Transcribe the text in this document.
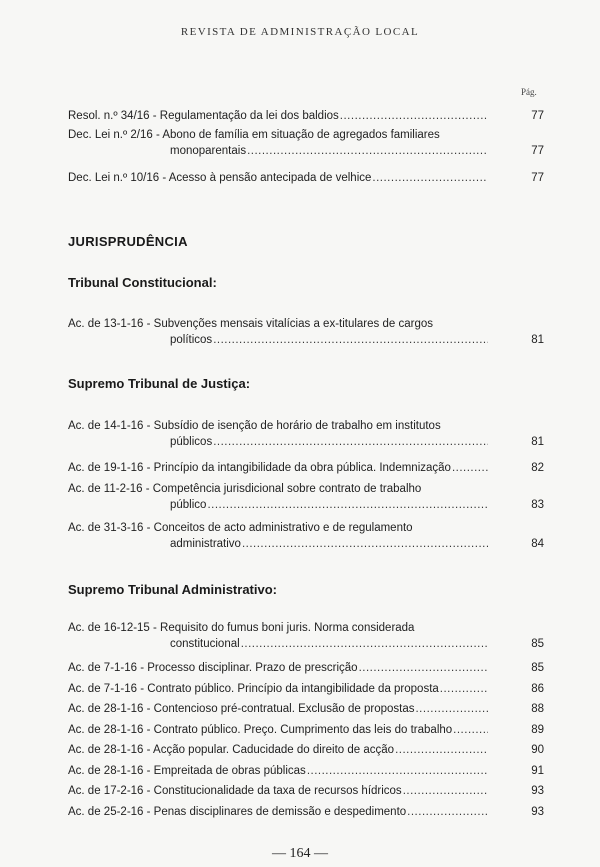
REVISTA DE ADMINISTRAÇÃO LOCAL
Pág.
Resol. n.º 34/16 - Regulamentação da lei dos baldios .....	77
Dec. Lei n.º 2/16 - Abono de família em situação de agregados familiares
monoparentais .....	77
Dec. Lei n.º 10/16 - Acesso à pensão antecipada de velhice .....	77
JURISPRUDÊNCIA
Tribunal Constitucional:
Ac. de 13-1-16 - Subvenções mensais vitalícias a ex-titulares de cargos
políticos .....	81
Supremo Tribunal de Justiça:
Ac. de 14-1-16 - Subsídio de isenção de horário de trabalho em institutos
públicos .....	81
Ac. de 19-1-16 - Princípio da intangibilidade da obra pública. Indemnização .....	82
Ac. de 11-2-16 - Competência jurisdicional sobre contrato de trabalho
público .....	83
Ac. de 31-3-16 - Conceitos de acto administrativo e de regulamento
administrativo .....	84
Supremo Tribunal Administrativo:
Ac. de 16-12-15 - Requisito do fumus boni juris. Norma considerada
constitucional .....	85
Ac. de 7-1-16 - Processo disciplinar. Prazo de prescrição .....	85
Ac. de 7-1-16 - Contrato público. Princípio da intangibilidade da proposta .....	86
Ac. de 28-1-16 - Contencioso pré-contratual. Exclusão de propostas .....	88
Ac. de 28-1-16 - Contrato público. Preço. Cumprimento das leis do trabalho .....	89
Ac. de 28-1-16 - Acção popular. Caducidade do direito de acção .....	90
Ac. de 28-1-16 - Empreitada de obras públicas .....	91
Ac. de 17-2-16 - Constitucionalidade da taxa de recursos hídricos .....	93
Ac. de 25-2-16 - Penas disciplinares de demissão e despedimento .....	93
— 164 —
